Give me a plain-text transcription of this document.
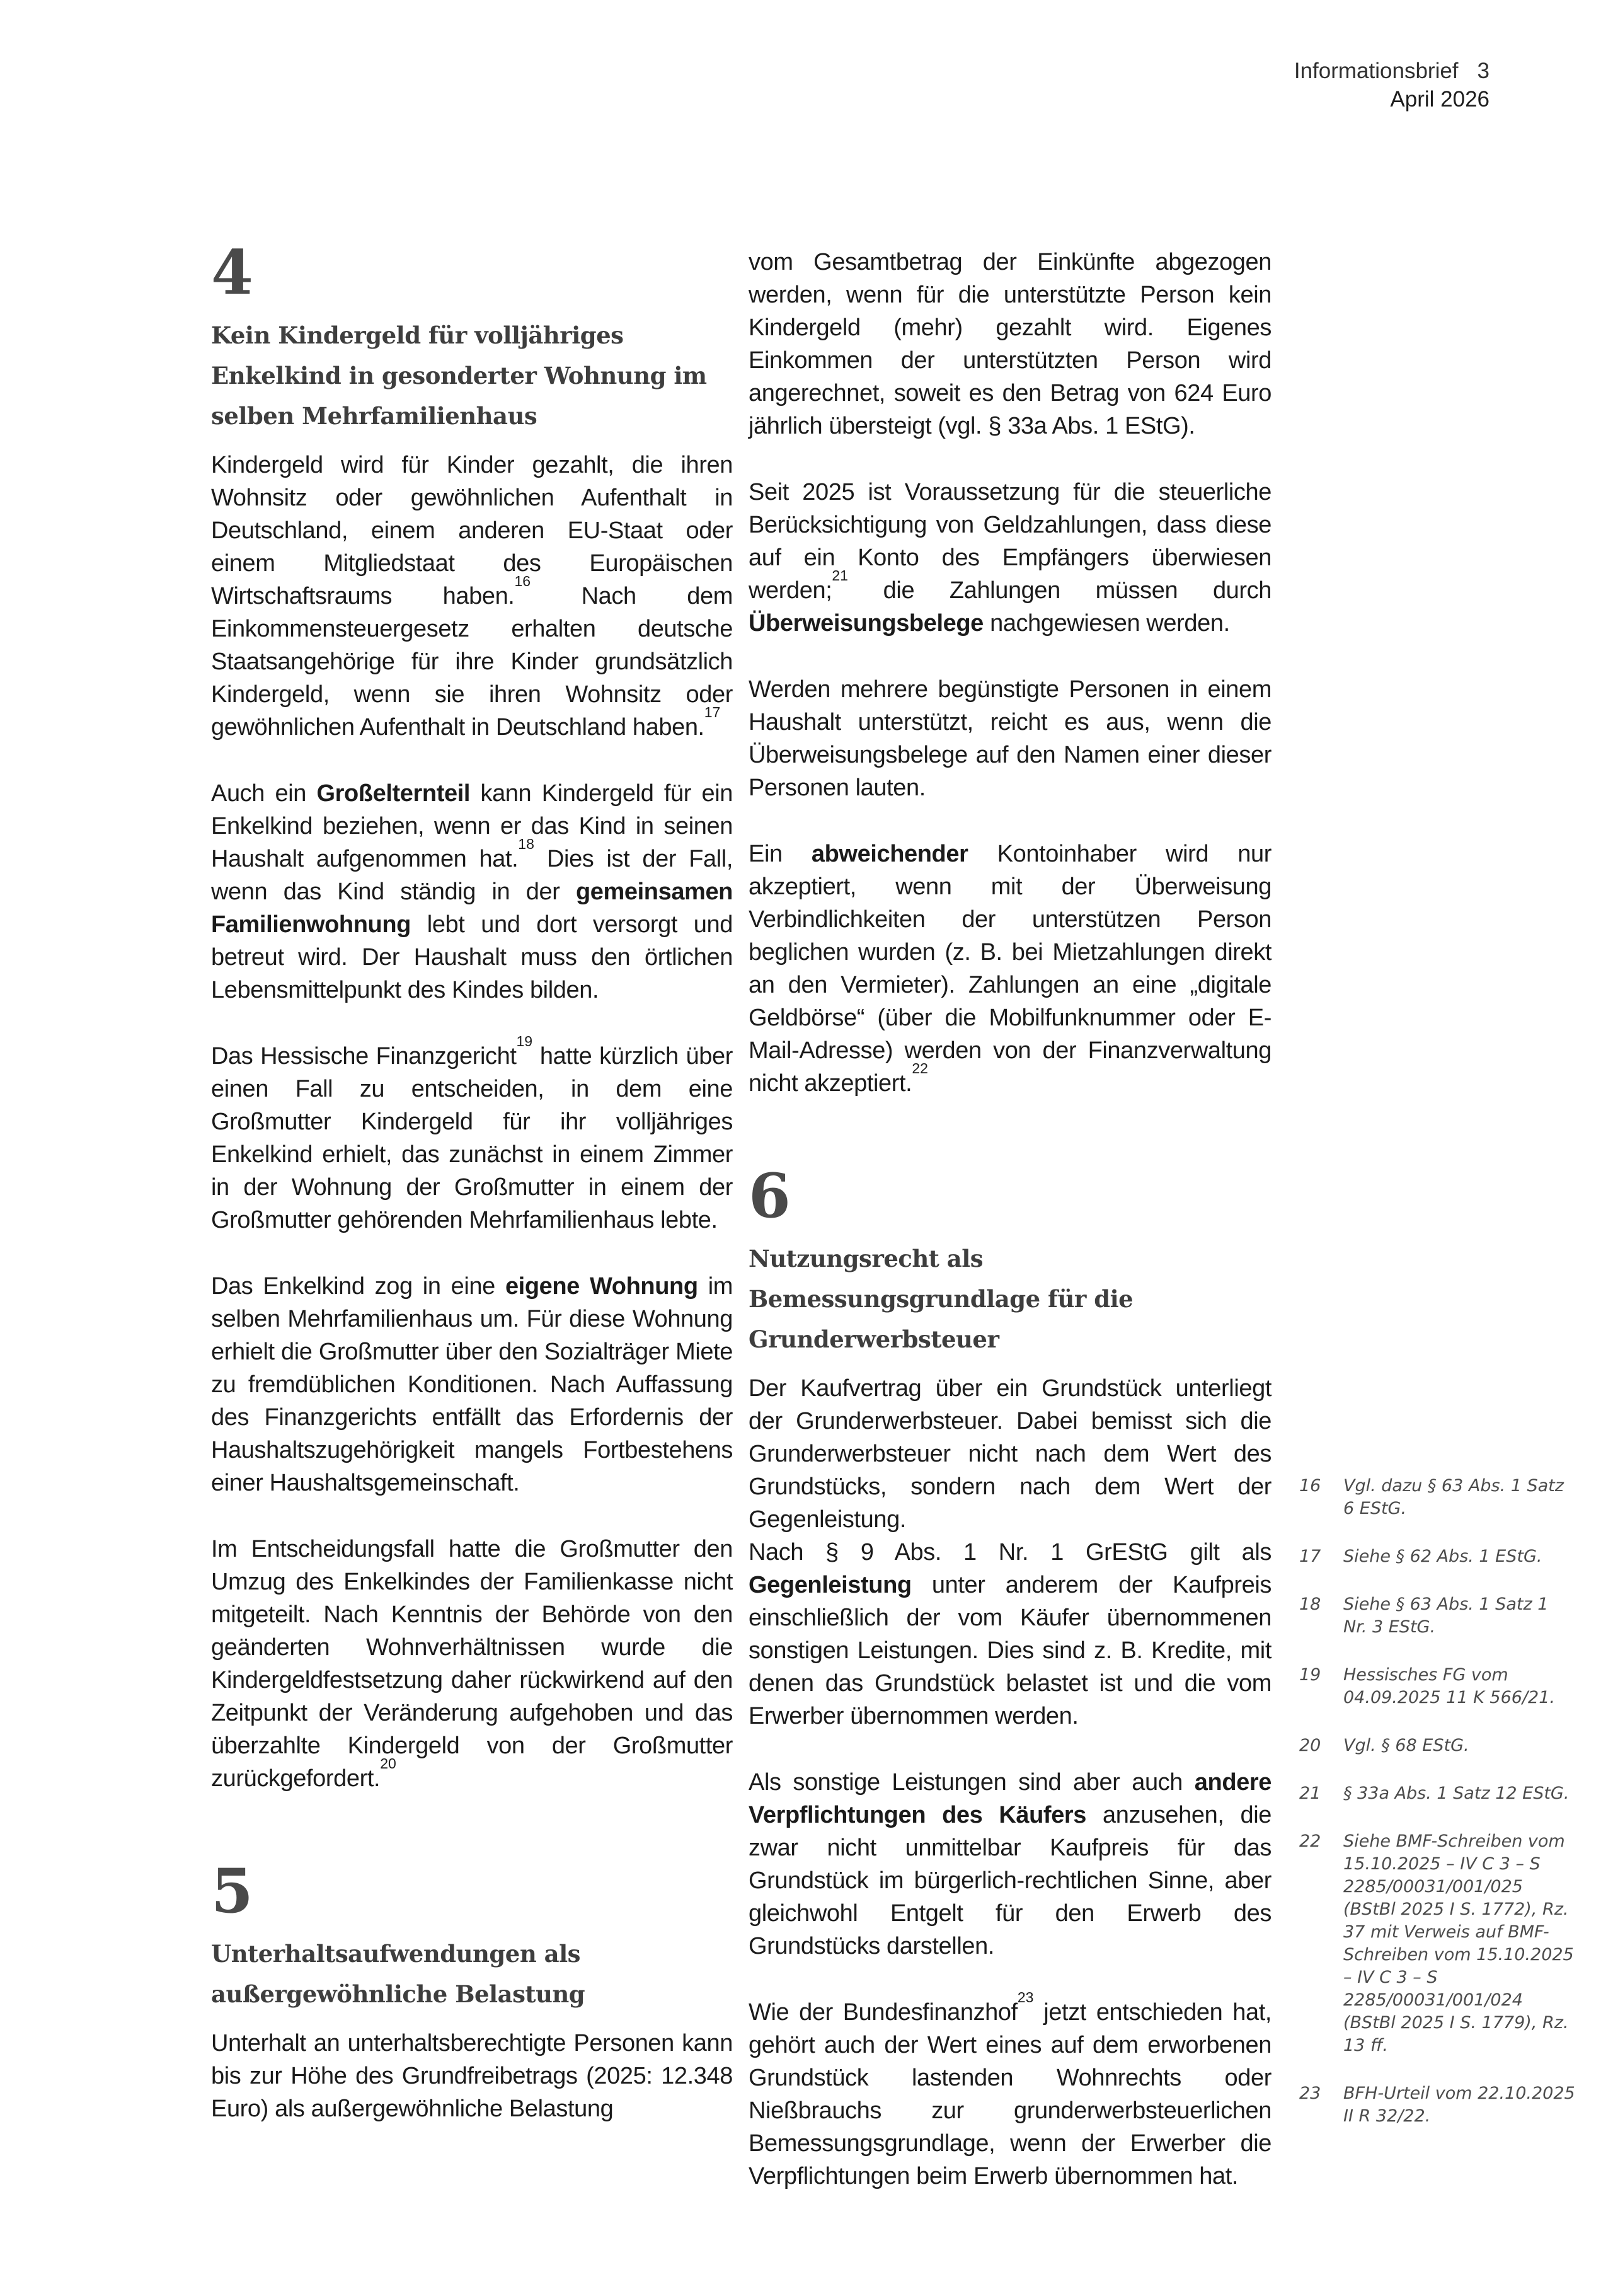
Informationsbrief 3
April 2026
4
Kein Kindergeld für volljähriges Enkelkind in gesonderter Wohnung im selben Mehrfamilienhaus

Kindergeld wird für Kinder gezahlt, die ihren Wohnsitz oder gewöhnlichen Aufenthalt in Deutschland, einem anderen EU-Staat oder einem Mitgliedstaat des Europäischen Wirtschaftsraums haben.$^{16}$ Nach dem Einkommensteuergesetz erhalten deutsche Staatsangehörige für ihre Kinder grundsätzlich Kindergeld, wenn sie ihren Wohnsitz oder gewöhnlichen Aufenthalt in Deutschland haben.$^{17}$

Auch ein Großelternteil kann Kindergeld für ein Enkelkind beziehen, wenn er das Kind in seinen Haushalt aufgenommen hat.$^{18}$ Dies ist der Fall, wenn das Kind ständig in der gemeinsamen Familienwohnung lebt und dort versorgt und betreut wird. Der Haushalt muss den örtlichen Lebensmittelpunkt des Kindes bilden.

Das Hessische Finanzgericht$^{19}$ hatte kürzlich über einen Fall zu entscheiden, in dem eine Großmutter Kindergeld für ihr volljähriges Enkelkind erhielt, das zunächst in einem Zimmer in der Wohnung der Großmutter in einem der Großmutter gehörenden Mehrfamilienhaus lebte.

Das Enkelkind zog in eine eigene Wohnung im selben Mehrfamilienhaus um. Für diese Wohnung erhielt die Großmutter über den Sozialträger Miete zu fremdüblichen Konditionen. Nach Auffassung des Finanzgerichts entfällt das Erfordernis der Haushaltszugehörigkeit mangels Fortbestehens einer Haushaltsgemeinschaft.

Im Entscheidungsfall hatte die Großmutter den Umzug des Enkelkindes der Familienkasse nicht mitgeteilt. Nach Kenntnis der Behörde von den geänderten Wohnverhältnissen wurde die Kindergeldfestsetzung daher rückwirkend auf den Zeitpunkt der Veränderung aufgehoben und das überzahlte Kindergeld von der Großmutter zurückgefordert.$^{20}$

5
Unterhaltsaufwendungen als außergewöhnliche Belastung

Unterhalt an unterhaltsberechtigte Personen kann bis zur Höhe des Grundfreibetrags (2025: 12.348 Euro) als außergewöhnliche Belastung

vom Gesamtbetrag der Einkünfte abgezogen werden, wenn für die unterstützte Person kein Kindergeld (mehr) gezahlt wird. Eigenes Einkommen der unterstützten Person wird angerechnet, soweit es den Betrag von 624 Euro jährlich übersteigt (vgl. § 33a Abs. 1 EStG).

Seit 2025 ist Voraussetzung für die steuerliche Berücksichtigung von Geldzahlungen, dass diese auf ein Konto des Empfängers überwiesen werden;$^{21}$ die Zahlungen müssen durch Überweisungsbelege nachgewiesen werden.

Werden mehrere begünstigte Personen in einem Haushalt unterstützt, reicht es aus, wenn die Überweisungsbelege auf den Namen einer dieser Personen lauten.

Ein abweichender Kontoinhaber wird nur akzeptiert, wenn mit der Überweisung Verbindlichkeiten der unterstützen Person beglichen wurden (z. B. bei Mietzahlungen direkt an den Vermieter). Zahlungen an eine „digitale Geldbörse“ (über die Mobilfunknummer oder E-Mail-Adresse) werden von der Finanzverwaltung nicht akzeptiert.$^{22}$

6
Nutzungsrecht als Bemessungsgrundlage für die Grunderwerbsteuer

Der Kaufvertrag über ein Grundstück unterliegt der Grunderwerbsteuer. Dabei bemisst sich die Grunderwerbsteuer nicht nach dem Wert des Grundstücks, sondern nach dem Wert der Gegenleistung.

Nach § 9 Abs. 1 Nr. 1 GrEStG gilt als Gegenleistung unter anderem der Kaufpreis einschließlich der vom Käufer übernommenen sonstigen Leistungen. Dies sind z. B. Kredite, mit denen das Grundstück belastet ist und die vom Erwerber übernommen werden.

Als sonstige Leistungen sind aber auch andere Verpflichtungen des Käufers anzusehen, die zwar nicht unmittelbar Kaufpreis für das Grundstück im bürgerlich-rechtlichen Sinne, aber gleichwohl Entgelt für den Erwerb des Grundstücks darstellen.

Wie der Bundesfinanzhof$^{23}$ jetzt entschieden hat, gehört auch der Wert eines auf dem erworbenen Grundstück lastenden Wohnrechts oder Nießbrauchs zur grunderwerbsteuerlichen Bemessungsgrundlage, wenn der Erwerber die Verpflichtungen beim Erwerb übernommen hat.

16	Vgl. dazu § 63 Abs. 1 Satz 6 EStG.
17	Siehe § 62 Abs. 1 EStG.
18	Siehe § 63 Abs. 1 Satz 1 Nr. 3 EStG.
19	Hessisches FG vom 04.09.2025 11 K 566/21.
20	Vgl. § 68 EStG.
21	§ 33a Abs. 1 Satz 12 EStG.
22	Siehe BMF-Schreiben vom 15.10.2025 – IV C 3 – S 2285/00031/001/025 (BStBl 2025 I S. 1772), Rz. 37 mit Verweis auf BMF-Schreiben vom 15.10.2025 – IV C 3 – S 2285/00031/001/024 (BStBl 2025 I S. 1779), Rz. 13 ff.
23	BFH-Urteil vom 22.10.2025 II R 32/22.
